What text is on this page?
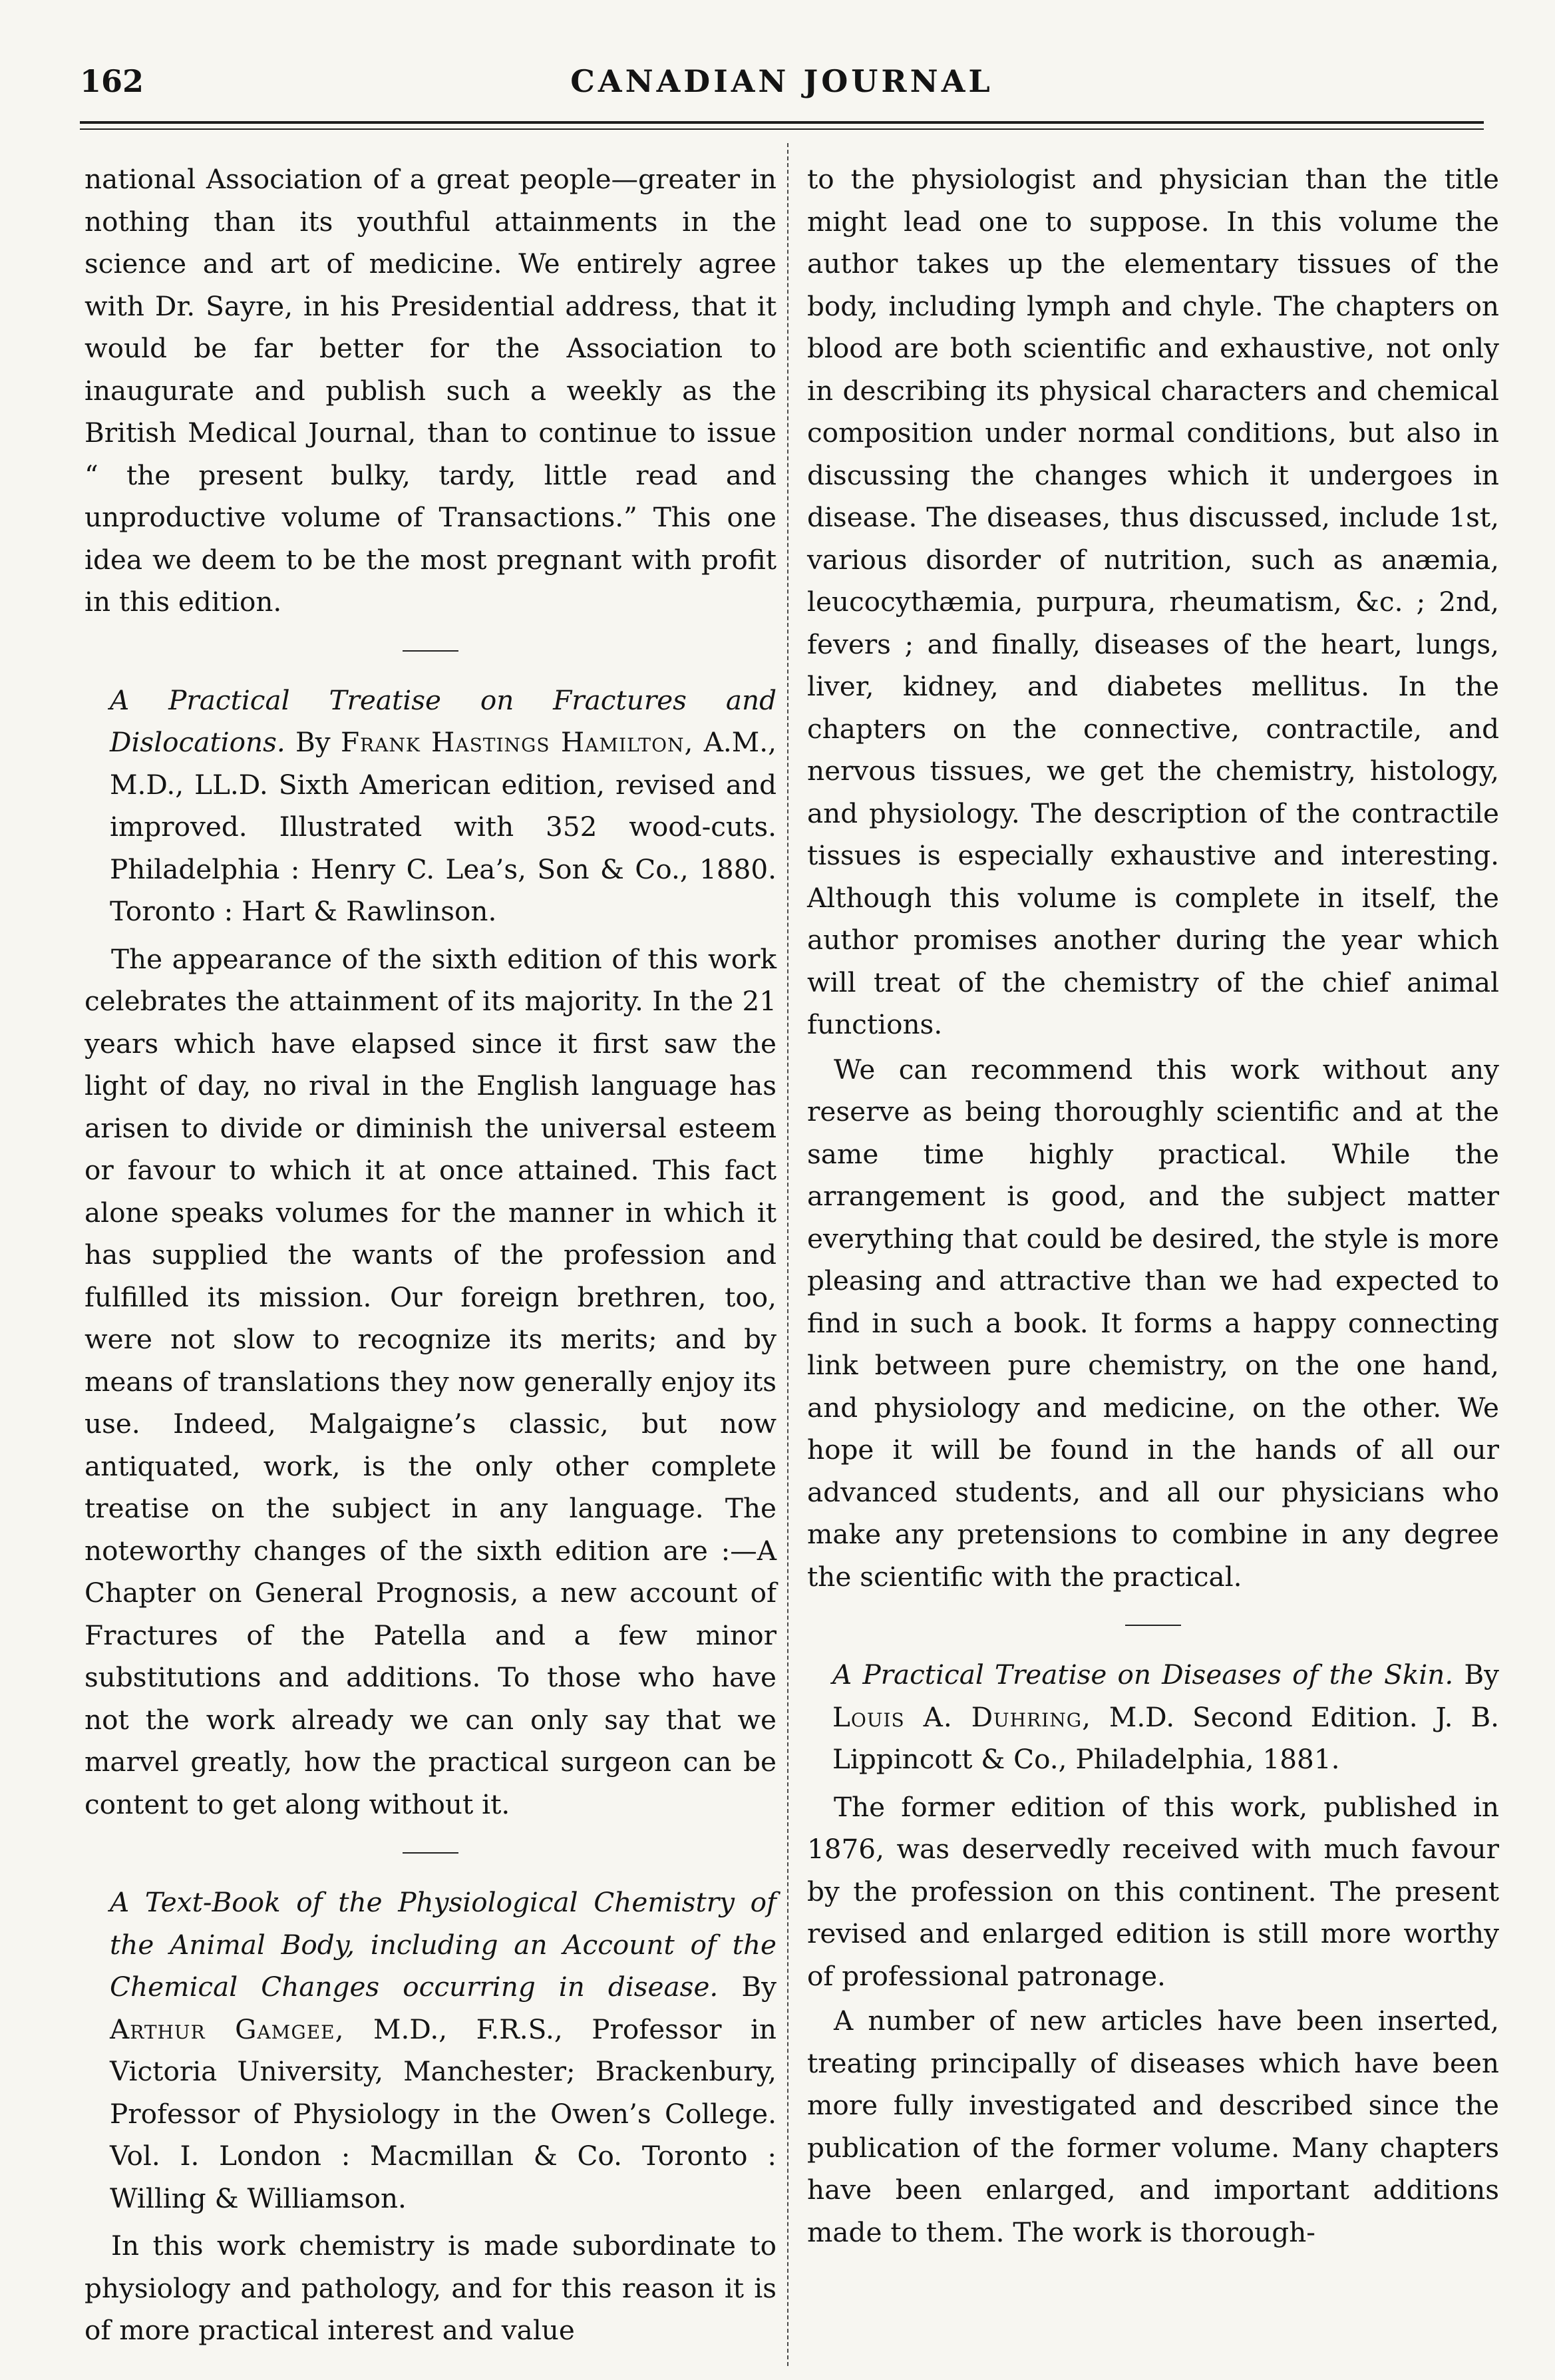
162	CANADIAN JOURNAL

national Association of a great people—greater in nothing than its youthful attainments in the science and art of medicine. We entirely agree with Dr. Sayre, in his Presidential address, that it would be far better for the Association to inaugurate and publish such a weekly as the British Medical Journal, than to continue to issue “ the present bulky, tardy, little read and unproductive volume of Transactions.” This one idea we deem to be the most pregnant with profit in this edition.

A Practical Treatise on Fractures and Dislocations. By Frank Hastings Hamilton, A.M., M.D., LL.D. Sixth American edition, revised and improved. Illustrated with 352 wood-cuts. Philadelphia : Henry C. Lea’s, Son & Co., 1880. Toronto : Hart & Rawlinson.

The appearance of the sixth edition of this work celebrates the attainment of its majority. In the 21 years which have elapsed since it first saw the light of day, no rival in the English language has arisen to divide or diminish the universal esteem or favour to which it at once attained. This fact alone speaks volumes for the manner in which it has supplied the wants of the profession and fulfilled its mission. Our foreign brethren, too, were not slow to recognize its merits; and by means of translations they now generally enjoy its use. Indeed, Malgaigne’s classic, but now antiquated, work, is the only other complete treatise on the subject in any language. The noteworthy changes of the sixth edition are :—A Chapter on General Prognosis, a new account of Fractures of the Patella and a few minor substitutions and additions. To those who have not the work already we can only say that we marvel greatly, how the practical surgeon can be content to get along without it.

A Text-Book of the Physiological Chemistry of the Animal Body, including an Account of the Chemical Changes occurring in disease. By Arthur Gamgee, M.D., F.R.S., Professor in Victoria University, Manchester; Brackenbury, Professor of Physiology in the Owen’s College. Vol. I. London : Macmillan & Co. Toronto : Willing & Williamson.

In this work chemistry is made subordinate to physiology and pathology, and for this reason it is of more practical interest and value

to the physiologist and physician than the title might lead one to suppose. In this volume the author takes up the elementary tissues of the body, including lymph and chyle. The chapters on blood are both scientific and exhaustive, not only in describing its physical characters and chemical composition under normal conditions, but also in discussing the changes which it undergoes in disease. The diseases, thus discussed, include 1st, various disorder of nutrition, such as anæmia, leucocythæmia, purpura, rheumatism, &c. ; 2nd, fevers ; and finally, diseases of the heart, lungs, liver, kidney, and diabetes mellitus. In the chapters on the connective, contractile, and nervous tissues, we get the chemistry, histology, and physiology. The description of the contractile tissues is especially exhaustive and interesting. Although this volume is complete in itself, the author promises another during the year which will treat of the chemistry of the chief animal functions.

We can recommend this work without any reserve as being thoroughly scientific and at the same time highly practical. While the arrangement is good, and the subject matter everything that could be desired, the style is more pleasing and attractive than we had expected to find in such a book. It forms a happy connecting link between pure chemistry, on the one hand, and physiology and medicine, on the other. We hope it will be found in the hands of all our advanced students, and all our physicians who make any pretensions to combine in any degree the scientific with the practical.

A Practical Treatise on Diseases of the Skin. By Louis A. Duhring, M.D. Second Edition. J. B. Lippincott & Co., Philadelphia, 1881.

The former edition of this work, published in 1876, was deservedly received with much favour by the profession on this continent. The present revised and enlarged edition is still more worthy of professional patronage.

A number of new articles have been inserted, treating principally of diseases which have been more fully investigated and described since the publication of the former volume. Many chapters have been enlarged, and important additions made to them. The work is thorough-
